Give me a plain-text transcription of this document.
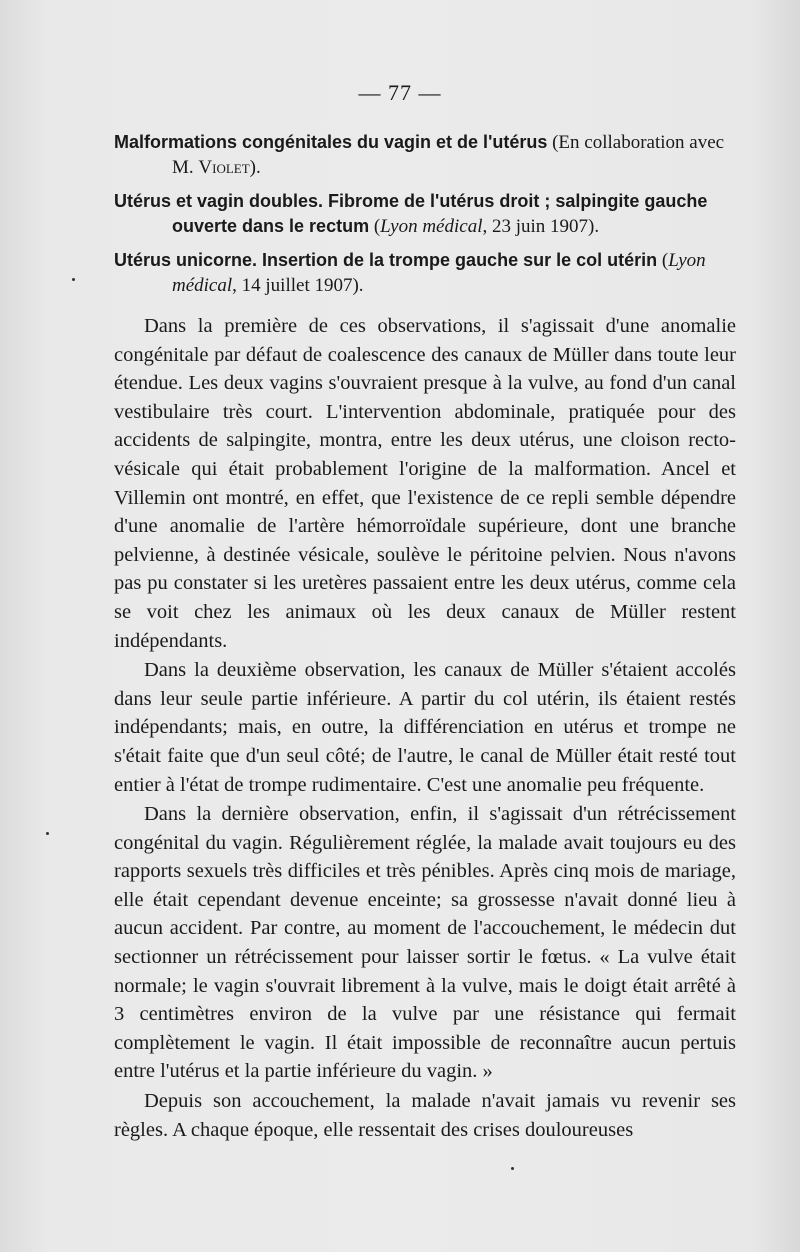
— 77 —

Malformations congénitales du vagin et de l'utérus (En collaboration avec M. Violet).

Utérus et vagin doubles. Fibrome de l'utérus droit ; salpingite gauche ouverte dans le rectum (Lyon médical, 23 juin 1907).

Utérus unicorne. Insertion de la trompe gauche sur le col utérin (Lyon médical, 14 juillet 1907).

Dans la première de ces observations, il s'agissait d'une anomalie congénitale par défaut de coalescence des canaux de Müller dans toute leur étendue. Les deux vagins s'ouvraient presque à la vulve, au fond d'un canal vestibulaire très court. L'intervention abdominale, pratiquée pour des accidents de salpingite, montra, entre les deux utérus, une cloison recto-vésicale qui était probablement l'origine de la malformation. Ancel et Villemin ont montré, en effet, que l'existence de ce repli semble dépendre d'une anomalie de l'artère hémorroïdale supérieure, dont une branche pelvienne, à destinée vésicale, soulève le péritoine pelvien. Nous n'avons pas pu constater si les uretères passaient entre les deux utérus, comme cela se voit chez les animaux où les deux canaux de Müller restent indépendants.

Dans la deuxième observation, les canaux de Müller s'étaient accolés dans leur seule partie inférieure. A partir du col utérin, ils étaient restés indépendants; mais, en outre, la différenciation en utérus et trompe ne s'était faite que d'un seul côté; de l'autre, le canal de Müller était resté tout entier à l'état de trompe rudimentaire. C'est une anomalie peu fréquente.

Dans la dernière observation, enfin, il s'agissait d'un rétrécissement congénital du vagin. Régulièrement réglée, la malade avait toujours eu des rapports sexuels très difficiles et très pénibles. Après cinq mois de mariage, elle était cependant devenue enceinte; sa grossesse n'avait donné lieu à aucun accident. Par contre, au moment de l'accouchement, le médecin dut sectionner un rétrécissement pour laisser sortir le fœtus. « La vulve était normale; le vagin s'ouvrait librement à la vulve, mais le doigt était arrêté à 3 centimètres environ de la vulve par une résistance qui fermait complètement le vagin. Il était impossible de reconnaître aucun pertuis entre l'utérus et la partie inférieure du vagin. »

Depuis son accouchement, la malade n'avait jamais vu revenir ses règles. A chaque époque, elle ressentait des crises douloureuses
